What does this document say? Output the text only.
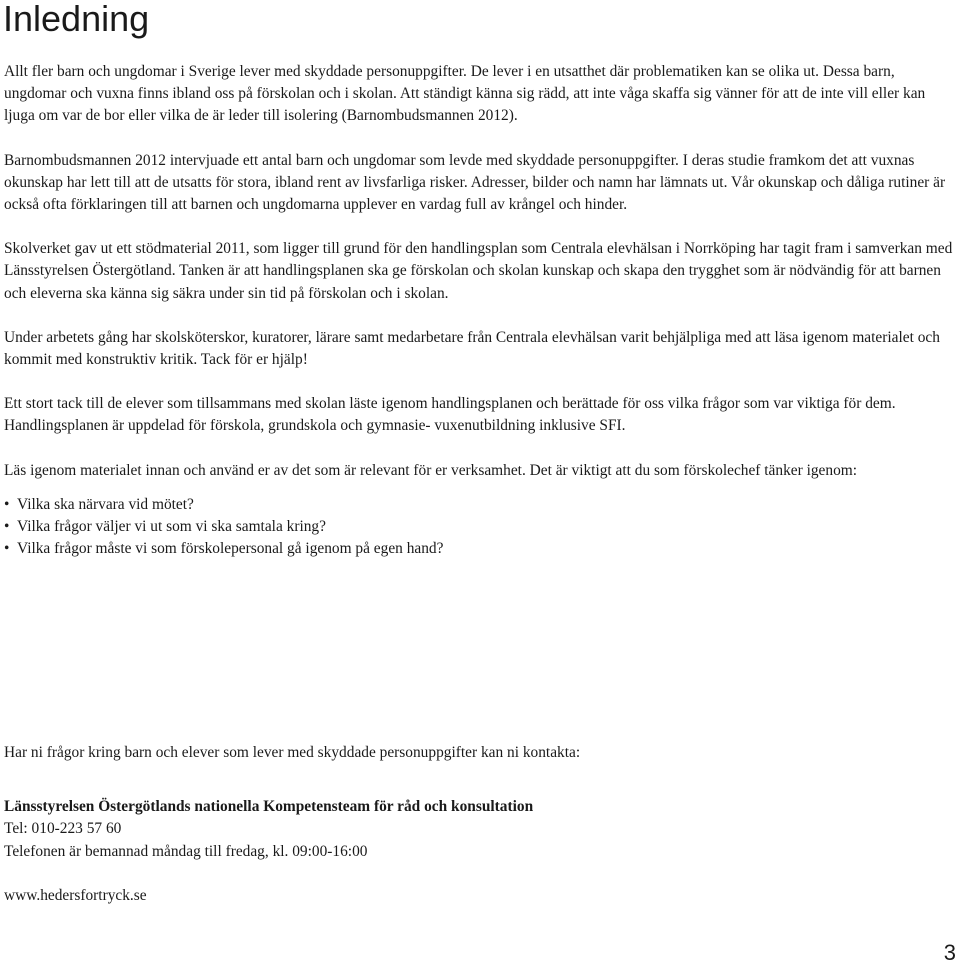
Inledning

Allt fler barn och ungdomar i Sverige lever med skyddade personuppgifter. De lever i en utsatthet där problematiken kan se olika ut. Dessa barn, ungdomar och vuxna finns ibland oss på förskolan och i skolan. Att ständigt känna sig rädd, att inte våga skaffa sig vänner för att de inte vill eller kan ljuga om var de bor eller vilka de är leder till isolering (Barnombudsmannen 2012).

Barnombudsmannen 2012 intervjuade ett antal barn och ungdomar som levde med skyddade personuppgifter. I deras studie framkom det att vuxnas okunskap har lett till att de utsatts för stora, ibland rent av livsfarliga risker. Adresser, bilder och namn har lämnats ut. Vår okunskap och dåliga rutiner är också ofta förklaringen till att barnen och ungdomarna upplever en vardag full av krångel och hinder.

Skolverket gav ut ett stödmaterial 2011, som ligger till grund för den handlingsplan som Centrala elevhälsan i Norrköping har tagit fram i samverkan med Länsstyrelsen Östergötland. Tanken är att handlingsplanen ska ge förskolan och skolan kunskap och skapa den trygghet som är nödvändig för att barnen och eleverna ska känna sig säkra under sin tid på förskolan och i skolan.

Under arbetets gång har skolsköterskor, kuratorer, lärare samt medarbetare från Centrala elevhälsan varit behjälpliga med att läsa igenom materialet och kommit med konstruktiv kritik. Tack för er hjälp!

Ett stort tack till de elever som tillsammans med skolan läste igenom handlingsplanen och berättade för oss vilka frågor som var viktiga för dem. Handlingsplanen är uppdelad för förskola, grundskola och gymnasie- vuxenutbildning inklusive SFI.

Läs igenom materialet innan och använd er av det som är relevant för er verksamhet. Det är viktigt att du som förskolechef tänker igenom:

• Vilka ska närvara vid mötet?
• Vilka frågor väljer vi ut som vi ska samtala kring?
• Vilka frågor måste vi som förskolepersonal gå igenom på egen hand?

Har ni frågor kring barn och elever som lever med skyddade personuppgifter kan ni kontakta:

Länsstyrelsen Östergötlands nationella Kompetensteam för råd och konsultation

Tel: 010-223 57 60

Telefonen är bemannad måndag till fredag, kl. 09:00-16:00

www.hedersfortryck.se

3
